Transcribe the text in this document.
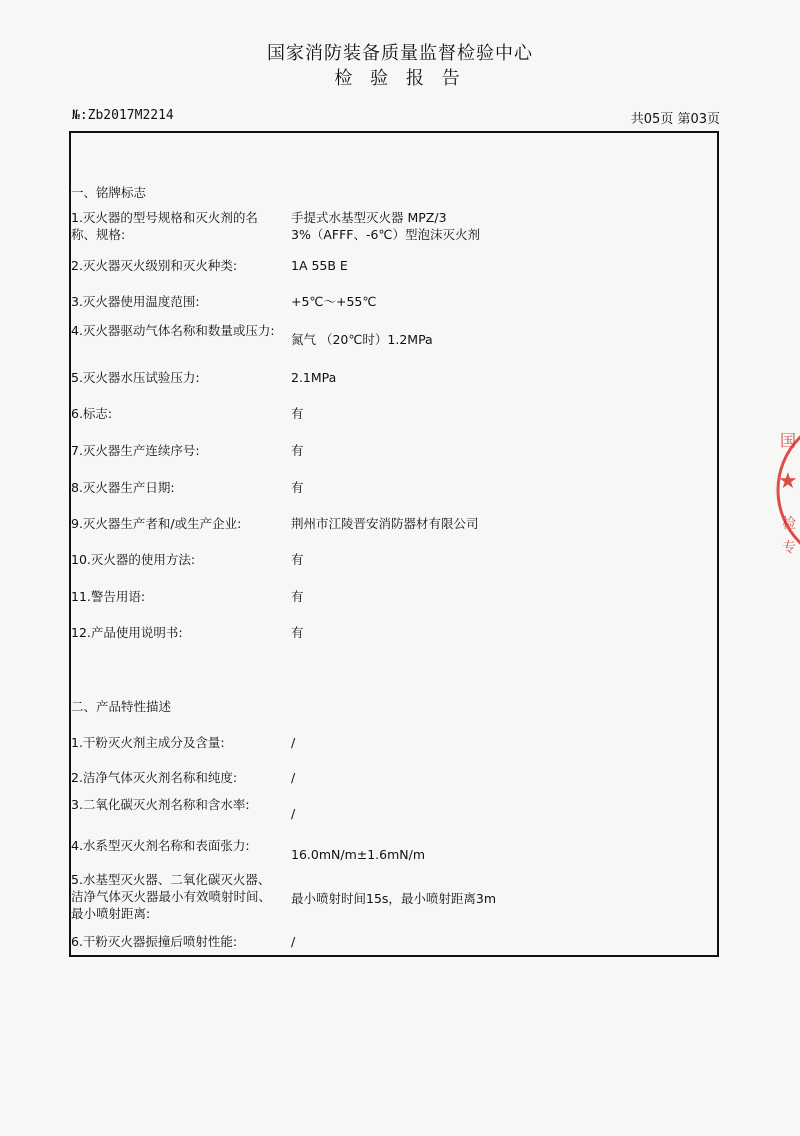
国家消防装备质量监督检验中心
检 验 报 告
№:Zb2017M2214	共05页 第03页
一、铭牌标志
1.灭火器的型号规格和灭火剂的名称、规格:
手提式水基型灭火器 MPZ/3
3%（AFFF、-6℃）型泡沫灭火剂
2.灭火器灭火级别和灭火种类:	1A 55B E
3.灭火器使用温度范围:	+5℃～+55℃
4.灭火器驱动气体名称和数量或压力:
氮气 （20℃时）1.2MPa
5.灭火器水压试验压力:	2.1MPa
6.标志:	有
7.灭火器生产连续序号:	有
8.灭火器生产日期:	有
9.灭火器生产者和/或生产企业:	荆州市江陵晋安消防器材有限公司
10.灭火器的使用方法:	有
11.警告用语:	有
12.产品使用说明书:	有
二、产品特性描述
1.干粉灭火剂主成分及含量:	/
2.洁净气体灭火剂名称和纯度:	/
3.二氧化碳灭火剂名称和含水率:
/
4.水系型灭火剂名称和表面张力:
16.0mN/m±1.6mN/m
5.水基型灭火器、二氧化碳灭火器、洁净气体灭火器最小有效喷射时间、最小喷射距离:
最小喷射时间15s，最小喷射距离3m
6.干粉灭火器振撞后喷射性能:	/
国
★
检
专
